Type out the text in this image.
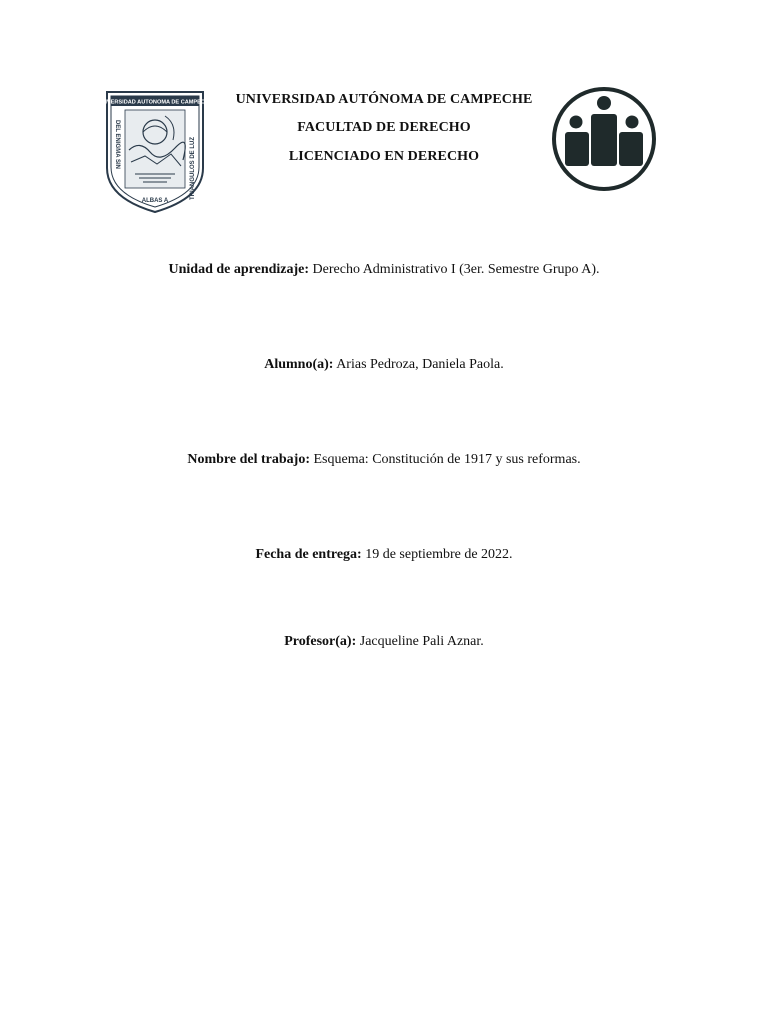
UNIVERSIDAD AUTONOMA DE CAMPECHE
DEL ENIGMA SIN	TRIANGULOS DE LUZ
ALBAS A
UNIVERSIDAD AUTÓNOMA DE CAMPECHE
FACULTAD DE DERECHO
LICENCIADO EN DERECHO
Unidad de aprendizaje: Derecho Administrativo I (3er. Semestre Grupo A).
Alumno(a): Arias Pedroza, Daniela Paola.
Nombre del trabajo: Esquema: Constitución de 1917 y sus reformas.
Fecha de entrega: 19 de septiembre de 2022.
Profesor(a): Jacqueline Pali Aznar.
